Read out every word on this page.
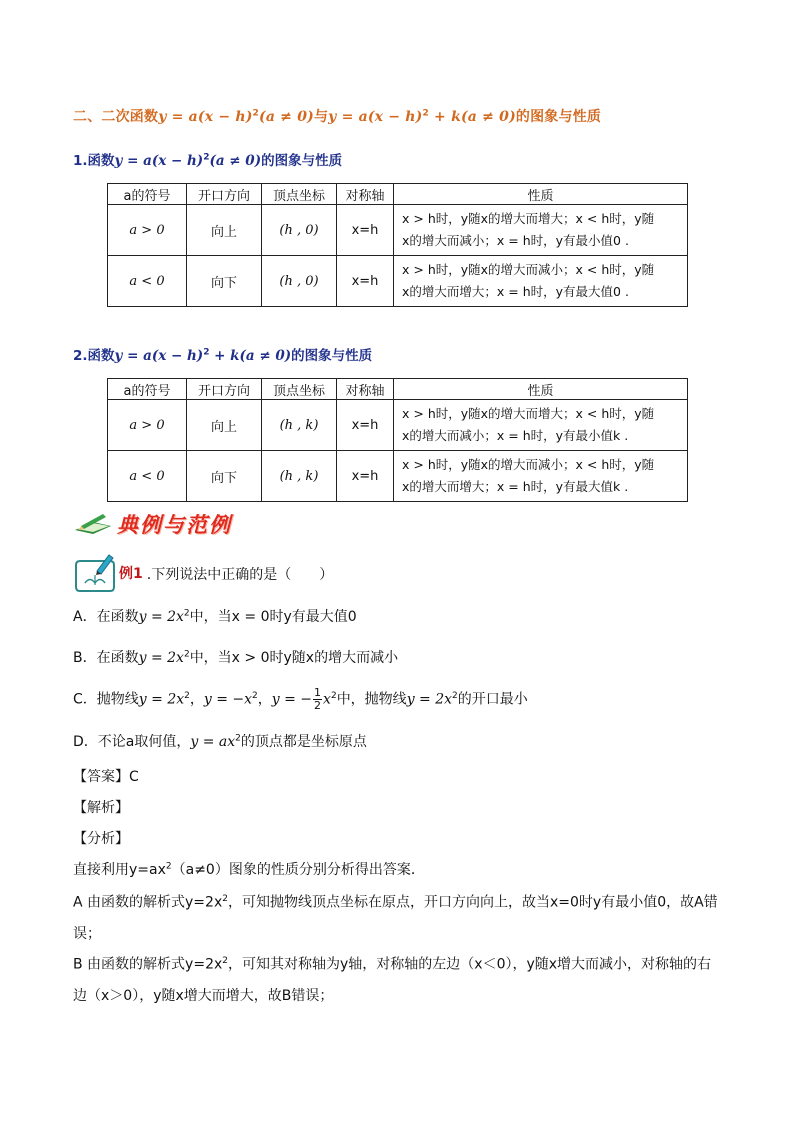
二、二次函数$y = a(x - h)^2(a \ne 0)$与$y = a(x - h)^2 + k(a \ne 0)$的图象与性质
1.函数$y = a(x - h)^2(a \ne 0)$的图象与性质
a的符号	开口方向	顶点坐标	对称轴	性质
a > 0	向上	(h , 0)	x=h	x > h时，y随x的增大而增大；x < h时，y随
x的增大而减小；x = h时，y有最小值0 .

a < 0	向下	(h , 0)	x=h	x > h时，y随x的增大而减小；x < h时，y随
x的增大而增大；x = h时，y有最大值0 .
2.函数$y = a(x - h)^2 + k(a \ne 0)$的图象与性质
a的符号	开口方向	顶点坐标	对称轴	性质
a > 0	向上	(h , k)	x=h	x > h时，y随x的增大而增大；x < h时，y随
x的增大而减小；x = h时，y有最小值k .

a < 0	向下	(h , k)	x=h	x > h时，y随x的增大而减小；x < h时，y随
x的增大而增大；x = h时，y有最大值k .
典例与范例
例1 .下列说法中正确的是（　　）
A．在函数$y = 2x^2$中，当x = 0时y有最大值0
B．在函数$y = 2x^2$中，当x > 0时y随x的增大而减小
C．抛物线$y = 2x^2$，$y = -x^2$，y = − $\frac{1}{2} x^2$中，抛物线$y = 2x^2$的开口最小
D．不论a取何值，$y = ax^2$的顶点都是坐标原点
【答案】C
【解析】
【分析】
直接利用$y=ax^2(a\ne 0)$图象的性质分别分析得出答案．
A 由函数的解析式$y=2x^2$，可知抛物线顶点坐标在原点，开口方向向上，故当x=0时y有最小值0，故A错误；
B 由函数的解析式$y=2x^2$，可知其对称轴为y轴，对称轴的左边（x＜0），y随x增大而减小，对称轴的右边（x＞0），y随x增大而增大，故B错误；
